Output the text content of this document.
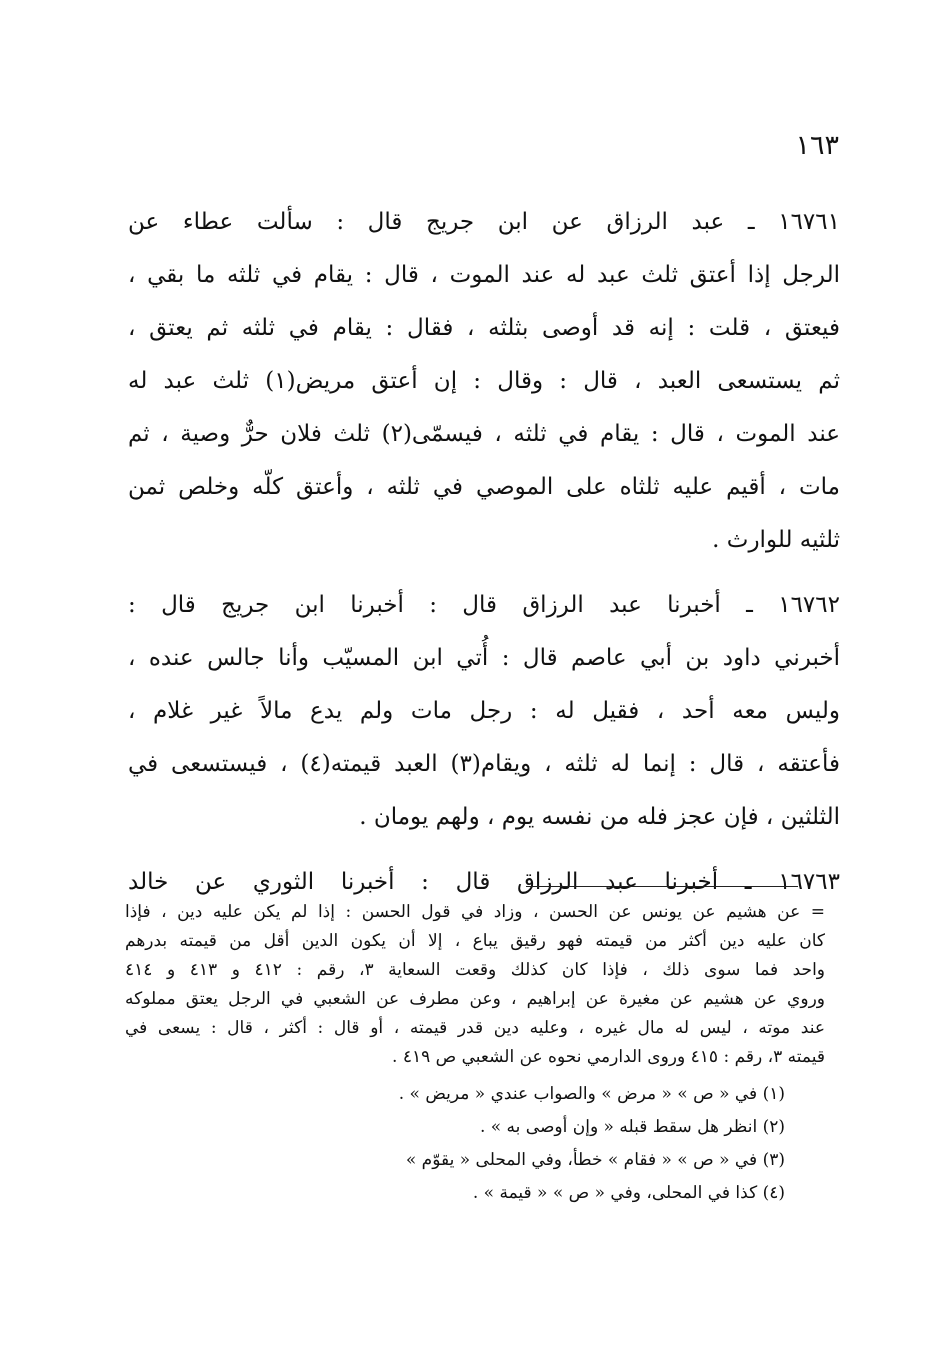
١٦٣
١٦٧٦١ ـ عبد الرزاق عن ابن جريج قال : سألت عطاء عن
الرجل إذا أعتق ثلث عبد له عند الموت ، قال : يقام في ثلثه ما بقي ،
فيعتق ، قلت : إنه قد أوصى بثلثه ، فقال : يقام في ثلثه ثم يعتق ،
ثم يستسعى العبد ، قال : وقال : إن أعتق مريض(١) ثلث عبد له
عند الموت ، قال : يقام في ثلثه ، فيسمّى(٢) ثلث فلان حرٌّ وصية ، ثم
مات ، أقيم عليه ثلثاه على الموصي في ثلثه ، وأعتق كلّه وخلص ثمن
ثلثيه للوارث .
١٦٧٦٢ ـ أخبرنا عبد الرزاق قال : أخبرنا ابن جريج قال :
أخبرني داود بن أبي عاصم قال : أُتي ابن المسيّب وأنا جالس عنده ،
وليس معه أحد ، فقيل له : رجل مات ولم يدع مالاً غير غلام ،
فأعتقه ، قال : إنما له ثلثه ، ويقام(٣) العبد قيمته(٤) ، فيستسعى في
الثلثين ، فإن عجز فله من نفسه يوم ، ولهم يومان .
١٦٧٦٣ ـ أخبرنا عبد الرزاق قال : أخبرنا الثوري عن خالد
= عن هشيم عن يونس عن الحسن ، وزاد في قول الحسن : إذا لم يكن عليه دين ، فإذا
كان عليه دين أكثر من قيمته فهو رقيق يباع ، إلا أن يكون الدين أقل من قيمته بدرهم
واحد فما سوى ذلك ، فإذا كان كذلك وقعت السعاية ٣، رقم : ٤١٢ و ٤١٣ و ٤١٤
وروي عن هشيم عن مغيرة عن إبراهيم ، وعن مطرف عن الشعبي في الرجل يعتق مملوكه
عند موته ، ليس له مال غيره ، وعليه دين قدر قيمته ، أو قال : أكثر ، قال : يسعى في
قيمته ٣، رقم : ٤١٥ وروى الدارمي نحوه عن الشعبي ص ٤١٩ .
(١) في « ص » « مرض » والصواب عندي « مريض » .
(٢) انظر هل سقط قبله « وإن أوصى به » .
(٣) في « ص » « فقام » خطأ، وفي المحلى « يقوّم »
(٤) كذا في المحلى، وفي « ص » « قيمة » .
